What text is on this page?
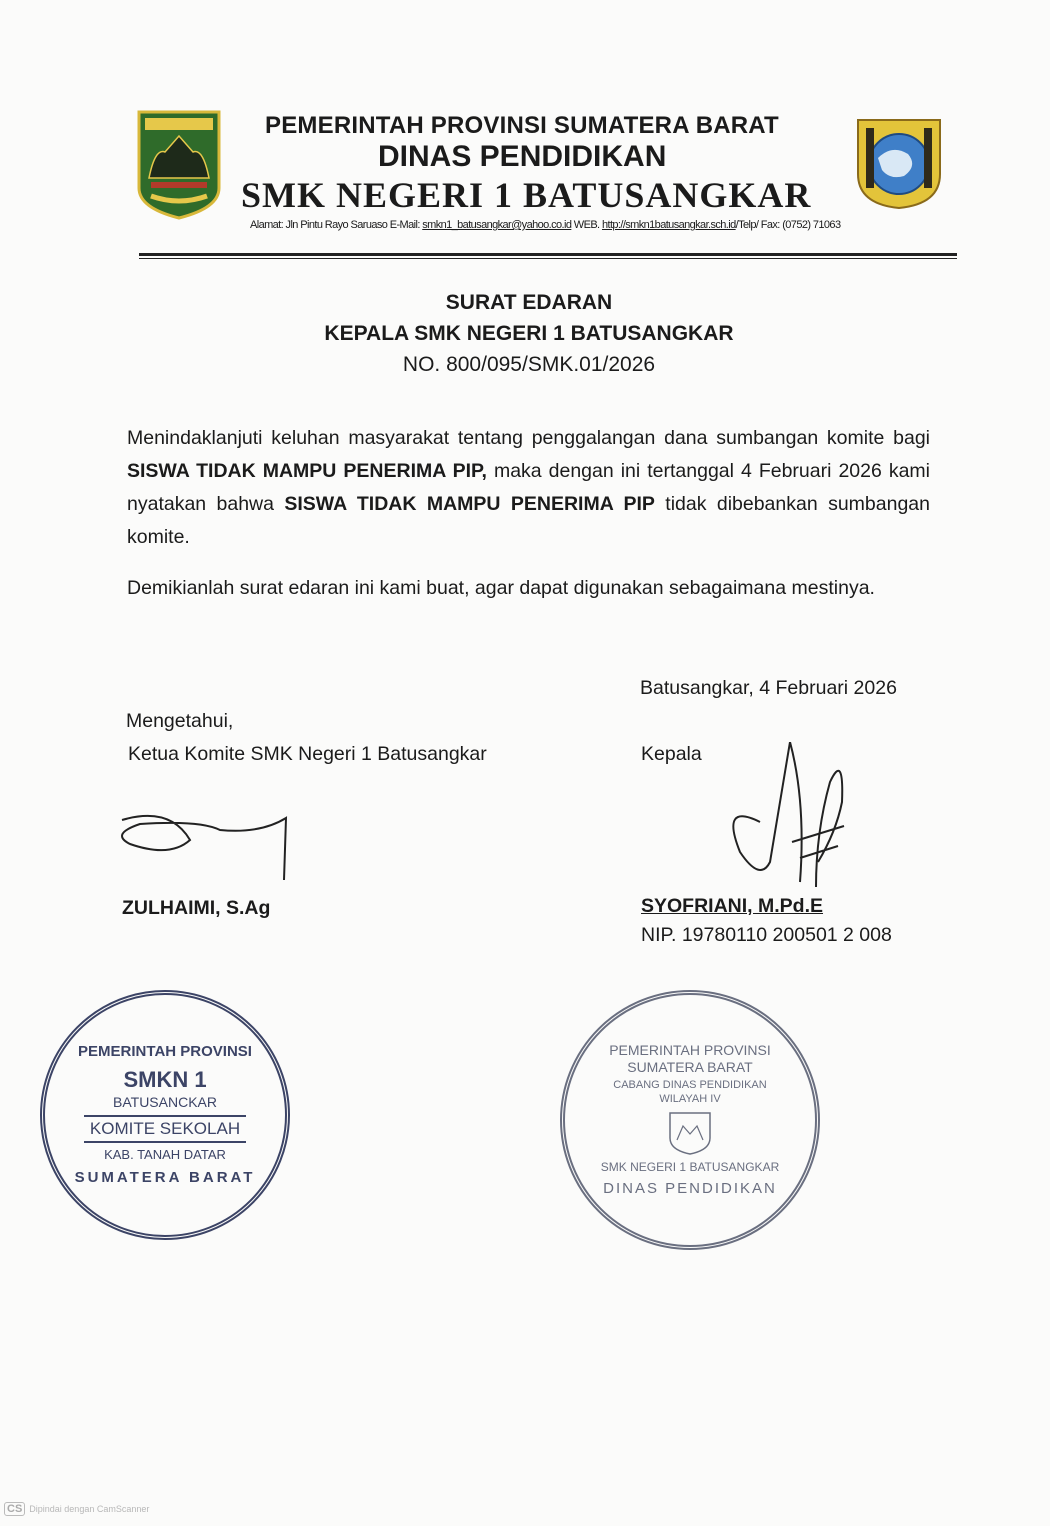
PEMERINTAH PROVINSI SUMATERA BARAT
DINAS PENDIDIKAN
SMK NEGERI 1 BATUSANGKAR
Alamat: Jln Pintu Rayo Saruaso E-Mail: smkn1_batusangkar@yahoo.co.id WEB. http://smkn1batusangkar.sch.id/Telp/ Fax: (0752) 71063
SURAT EDARAN
KEPALA SMK NEGERI 1 BATUSANGKAR
NO. 800/095/SMK.01/2026
Menindaklanjuti keluhan masyarakat tentang penggalangan dana sumbangan komite bagi SISWA TIDAK MAMPU PENERIMA PIP, maka dengan ini tertanggal 4 Februari 2026 kami nyatakan bahwa SISWA TIDAK MAMPU PENERIMA PIP tidak dibebankan sumbangan komite.
Demikianlah surat edaran ini kami buat, agar dapat digunakan sebagaimana mestinya.
Batusangkar, 4 Februari 2026
Mengetahui,
Ketua Komite SMK Negeri 1 Batusangkar	Kepala
ZULHAIMI, S.Ag	SYOFRIANI, M.Pd.E
NIP. 19780110 200501 2 008
PEMERINTAH PROVINSI
SMKN 1
BATUSANCKAR
KOMITE SEKOLAH
KAB. TANAH DATAR
SUMATERA BARAT
PEMERINTAH PROVINSI SUMATERA BARAT
CABANG DINAS PENDIDIKAN WILAYAH IV
SMK NEGERI 1 BATUSANGKAR
DINAS PENDIDIKAN
CS Dipindai dengan CamScanner
